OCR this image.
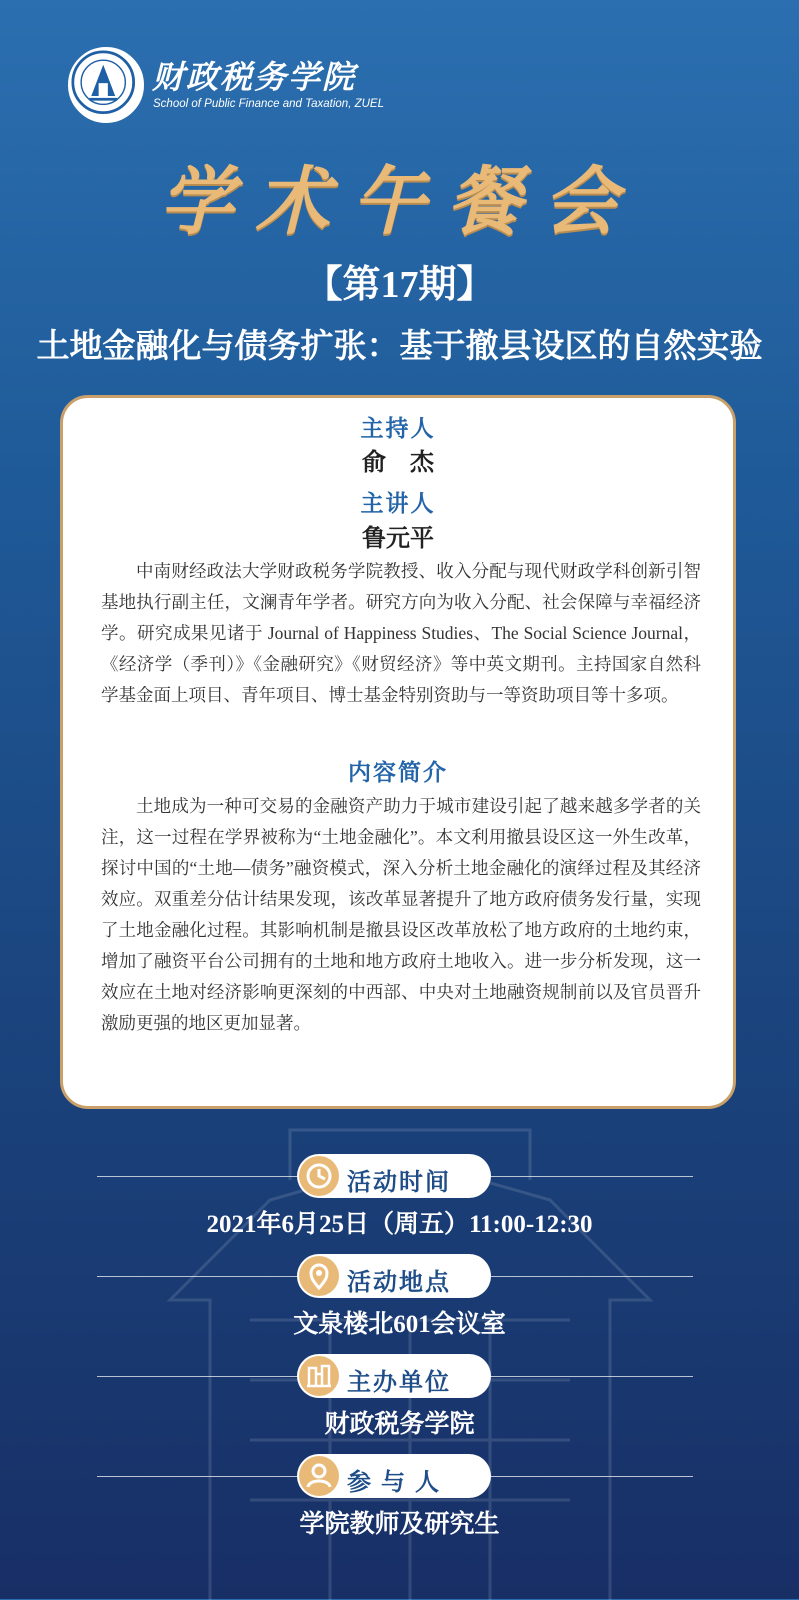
财政税务学院
School of Public Finance and Taxation, ZUEL
学术午餐会
【第17期】
土地金融化与债务扩张：基于撤县设区的自然实验
主持人
俞　杰
主讲人
鲁元平

中南财经政法大学财政税务学院教授、收入分配与现代财政学科创新引智基地执行副主任，文澜青年学者。研究方向为收入分配、社会保障与幸福经济学。研究成果见诸于 Journal of Happiness Studies、The Social Science Journal，《经济学（季刊）》《金融研究》《财贸经济》等中英文期刊。主持国家自然科学基金面上项目、青年项目、博士基金特别资助与一等资助项目等十多项。

内容简介

土地成为一种可交易的金融资产助力于城市建设引起了越来越多学者的关注，这一过程在学界被称为“土地金融化”。本文利用撤县设区这一外生改革，探讨中国的“土地—债务”融资模式，深入分析土地金融化的演绎过程及其经济效应。双重差分估计结果发现，该改革显著提升了地方政府债务发行量，实现了土地金融化过程。其影响机制是撤县设区改革放松了地方政府的土地约束，增加了融资平台公司拥有的土地和地方政府土地收入。进一步分析发现，这一效应在土地对经济影响更深刻的中西部、中央对土地融资规制前以及官员晋升激励更强的地区更加显著。

活动时间
2021年6月25日（周五）11:00-12:30
活动地点
文泉楼北601会议室
主办单位
财政税务学院
参 与 人
学院教师及研究生
